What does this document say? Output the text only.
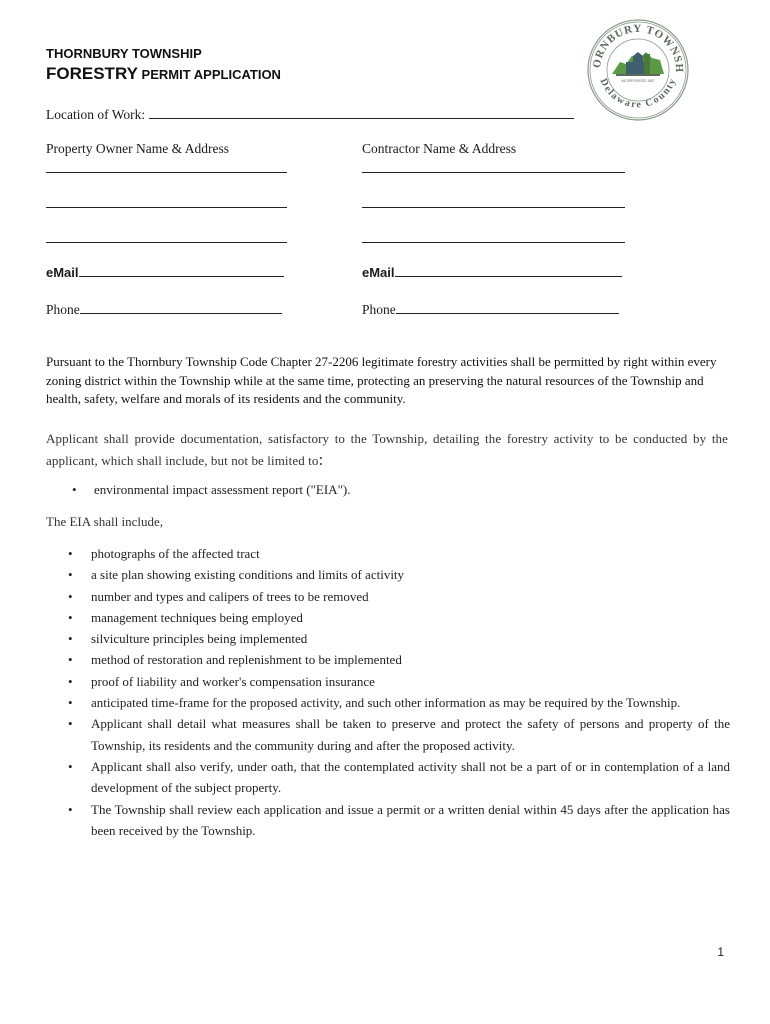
THORNBURY TOWNSHIP
FORESTRY PERMIT APPLICATION
ORNBURY TOWNSH
Delaware County
INCORPORATED 1687
Location of Work:
Property Owner Name & Address	Contractor Name & Address
eMail	eMail
Phone	Phone
Pursuant to the Thornbury Township Code Chapter 27-2206 legitimate forestry activities shall be permitted by right within every zoning district within the Township while at the same time, protecting an preserving the natural resources of the Township and health, safety, welfare and morals of its residents and the community.
Applicant shall provide documentation, satisfactory to the Township, detailing the forestry activity to be conducted by the applicant, which shall include, but not be limited to:
• environmental impact assessment report ("EIA").
The EIA shall include,
• photographs of the affected tract
• a site plan showing existing conditions and limits of activity
• number and types and calipers of trees to be removed
• management techniques being employed
• silviculture principles being implemented
• method of restoration and replenishment to be implemented
• proof of liability and worker's compensation insurance
• anticipated time-frame for the proposed activity, and such other information as may be required by the Township.
• Applicant shall detail what measures shall be taken to preserve and protect the safety of persons and property of the Township, its residents and the community during and after the proposed activity.
• Applicant shall also verify, under oath, that the contemplated activity shall not be a part of or in contemplation of a land development of the subject property.
• The Township shall review each application and issue a permit or a written denial within 45 days after the application has been received by the Township.
1
